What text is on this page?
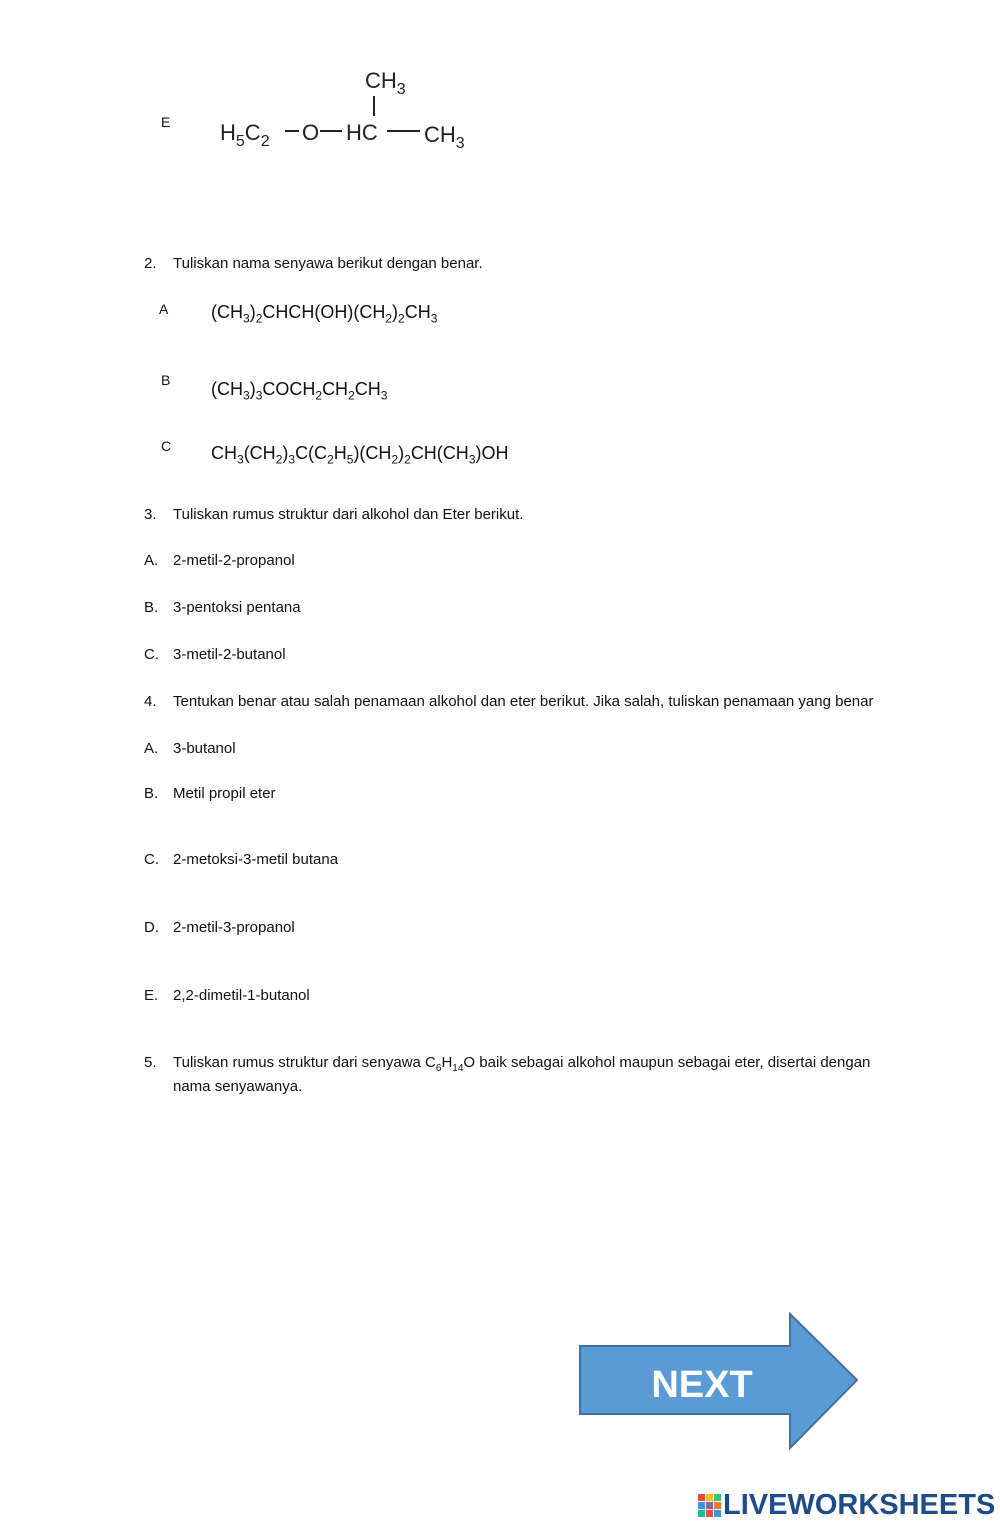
E
$CH_3$
$H_5C_2$ O HC $CH_3$
2. Tuliskan nama senyawa berikut dengan benar.
A $(CH_3)_2CHCH(OH)(CH_2)_2CH_3$
B $(CH_3)_3COCH_2CH_2CH_3$
C $CH_3(CH_2)_3C(C_2H_5)(CH_2)_2CH(CH_3)OH$
3. Tuliskan rumus struktur dari alkohol dan Eter berikut.
A. 2-metil-2-propanol
B. 3-pentoksi pentana
C. 3-metil-2-butanol
4. Tentukan benar atau salah penamaan alkohol dan eter berikut. Jika salah, tuliskan penamaan yang benar
A. 3-butanol
B. Metil propil eter
C. 2-metoksi-3-metil butana
D. 2-metil-3-propanol
E. 2,2-dimetil-1-butanol
5. Tuliskan rumus struktur dari senyawa $C_6H_{14}O$ baik sebagai alkohol maupun sebagai eter, disertai dengan
nama senyawanya.
NEXT
LIVEWORKSHEETS
